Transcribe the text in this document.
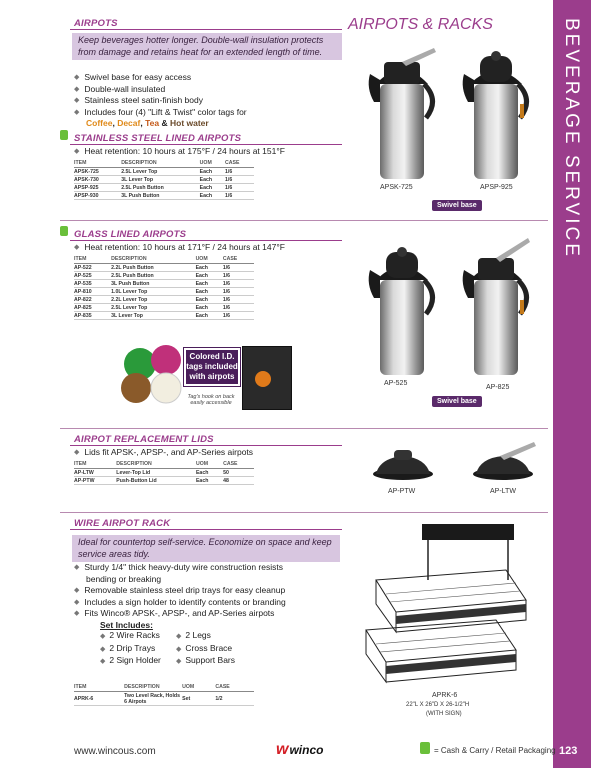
BEVERAGE SERVICE
123
AIRPOTS & RACKS
AIRPOTS
Keep beverages hotter longer. Double-wall insulation protects from damage and retains heat for an extended length of time.
◆ Swivel base for easy access
◆ Double-wall insulated
◆ Stainless steel satin-finish body
◆ Includes four (4) "Lift & Twist" color tags for
Coffee, Decaf, Tea & Hot water
APSK-725	APSP-925
Swivel base
STAINLESS STEEL LINED AIRPOTS
◆ Heat retention: 10 hours at 175°F / 24 hours at 151°F
ITEM	DESCRIPTION	UOM	CASE
APSK-725	2.5L Lever Top	Each	1/6
APSK-730	3L Lever Top	Each	1/6
APSP-925	2.5L Push Button	Each	1/6
APSP-930	3L Push Button	Each	1/6
GLASS LINED AIRPOTS
◆ Heat retention: 10 hours at 171°F / 24 hours at 147°F
ITEM	DESCRIPTION	UOM	CASE
AP-522	2.2L Push Button	Each	1/6
AP-525	2.5L Push Button	Each	1/6
AP-535	3L Push Button	Each	1/6
AP-810	1.0L Lever Top	Each	1/6
AP-822	2.2L Lever Top	Each	1/6
AP-825	2.5L Lever Top	Each	1/6
AP-835	3L Lever Top	Each	1/6
Colored I.D. tags included with airpots
Tag's hook on back easily accessible
AP-525
AP-825
Swivel base
AIRPOT REPLACEMENT LIDS
◆ Lids fit APSK-, APSP-, and AP-Series airpots
ITEM	DESCRIPTION	UOM	CASE
AP-LTW	Lever-Top Lid	Each	50
AP-PTW	Push-Button Lid	Each	48
AP-PTW	AP-LTW
WIRE AIRPOT RACK
Ideal for countertop self-service. Economize on space and keep service areas tidy.
◆ Sturdy 1/4" thick heavy-duty wire construction resists
bending or breaking
◆ Removable stainless steel drip trays for easy cleanup
◆ Includes a sign holder to identify contents or branding
◆ Fits Winco® APSK-, APSP-, and AP-Series airpots
Set Includes:
◆ 2 Wire Racks
◆ 2 Drip Trays
◆ 2 Sign Holder
◆ 2 Legs
◆ Cross Brace
◆ Support Bars
ITEM	DESCRIPTION	UOM	CASE
APRK-6	Two Level Rack, Holds 6 Airpots	Set	1/2	APRK-6
22"L X 26"D X 26-1/2"H
(WITH SIGN)
www.wincous.com	w winco	= Cash & Carry / Retail Packaging
